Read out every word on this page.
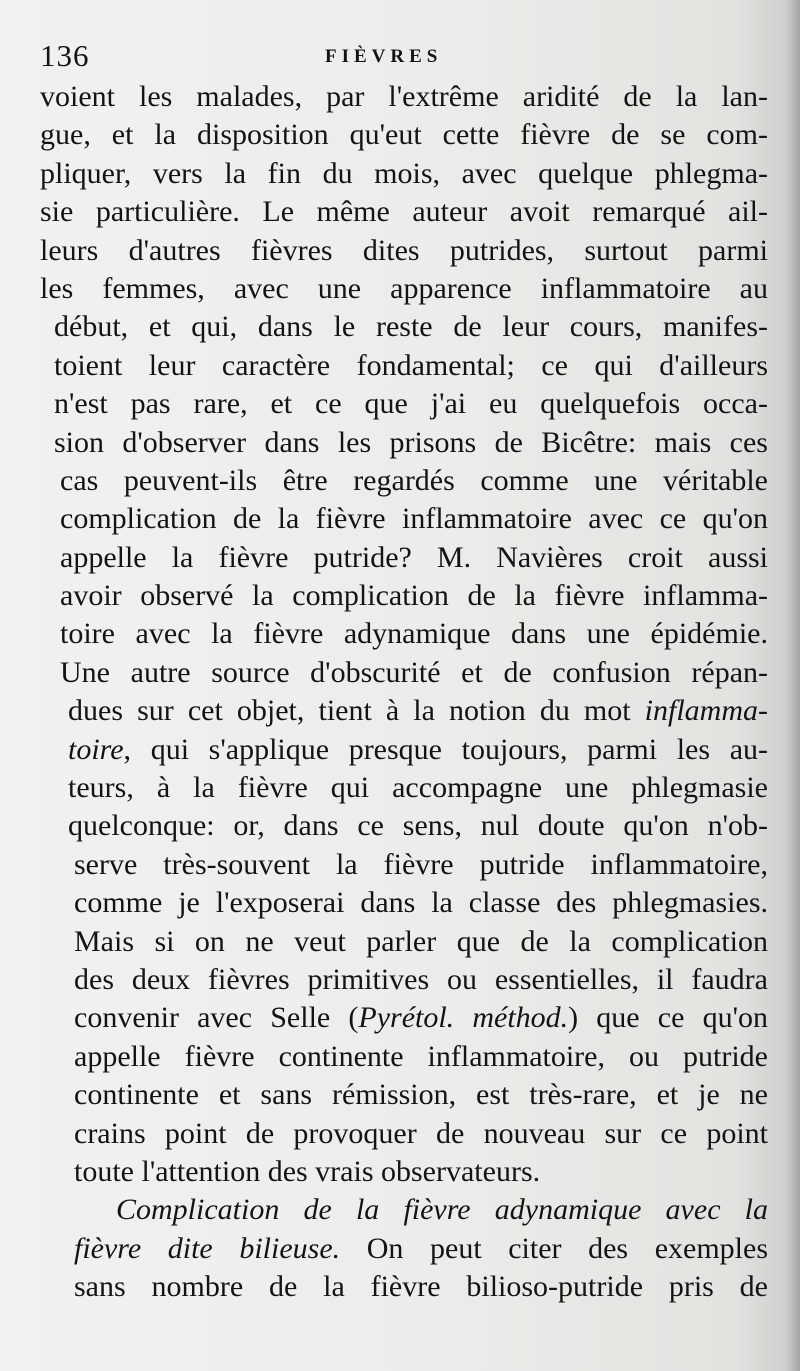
136	FIÈVRES
voient les malades, par l'extrême aridité de la lan-
gue, et la disposition qu'eut cette fièvre de se com-
pliquer, vers la fin du mois, avec quelque phlegma-
sie particulière. Le même auteur avoit remarqué ail-
leurs d'autres fièvres dites putrides, surtout parmi
les femmes, avec une apparence inflammatoire au
début, et qui, dans le reste de leur cours, manifes-
toient leur caractère fondamental; ce qui d'ailleurs
n'est pas rare, et ce que j'ai eu quelquefois occa-
sion d'observer dans les prisons de Bicêtre: mais ces
cas peuvent-ils être regardés comme une véritable
complication de la fièvre inflammatoire avec ce qu'on
appelle la fièvre putride? M. Navières croit aussi
avoir observé la complication de la fièvre inflamma-
toire avec la fièvre adynamique dans une épidémie.
Une autre source d'obscurité et de confusion répan-
dues sur cet objet, tient à la notion du mot inflamma-
toire, qui s'applique presque toujours, parmi les au-
teurs, à la fièvre qui accompagne une phlegmasie
quelconque: or, dans ce sens, nul doute qu'on n'ob-
serve très-souvent la fièvre putride inflammatoire,
comme je l'exposerai dans la classe des phlegmasies.
Mais si on ne veut parler que de la complication
des deux fièvres primitives ou essentielles, il faudra
convenir avec Selle (Pyrétol. méthod.) que ce qu'on
appelle fièvre continente inflammatoire, ou putride
continente et sans rémission, est très-rare, et je ne
crains point de provoquer de nouveau sur ce point
toute l'attention des vrais observateurs.
Complication de la fièvre adynamique avec la
fièvre dite bilieuse. On peut citer des exemples
sans nombre de la fièvre bilioso-putride pris de
